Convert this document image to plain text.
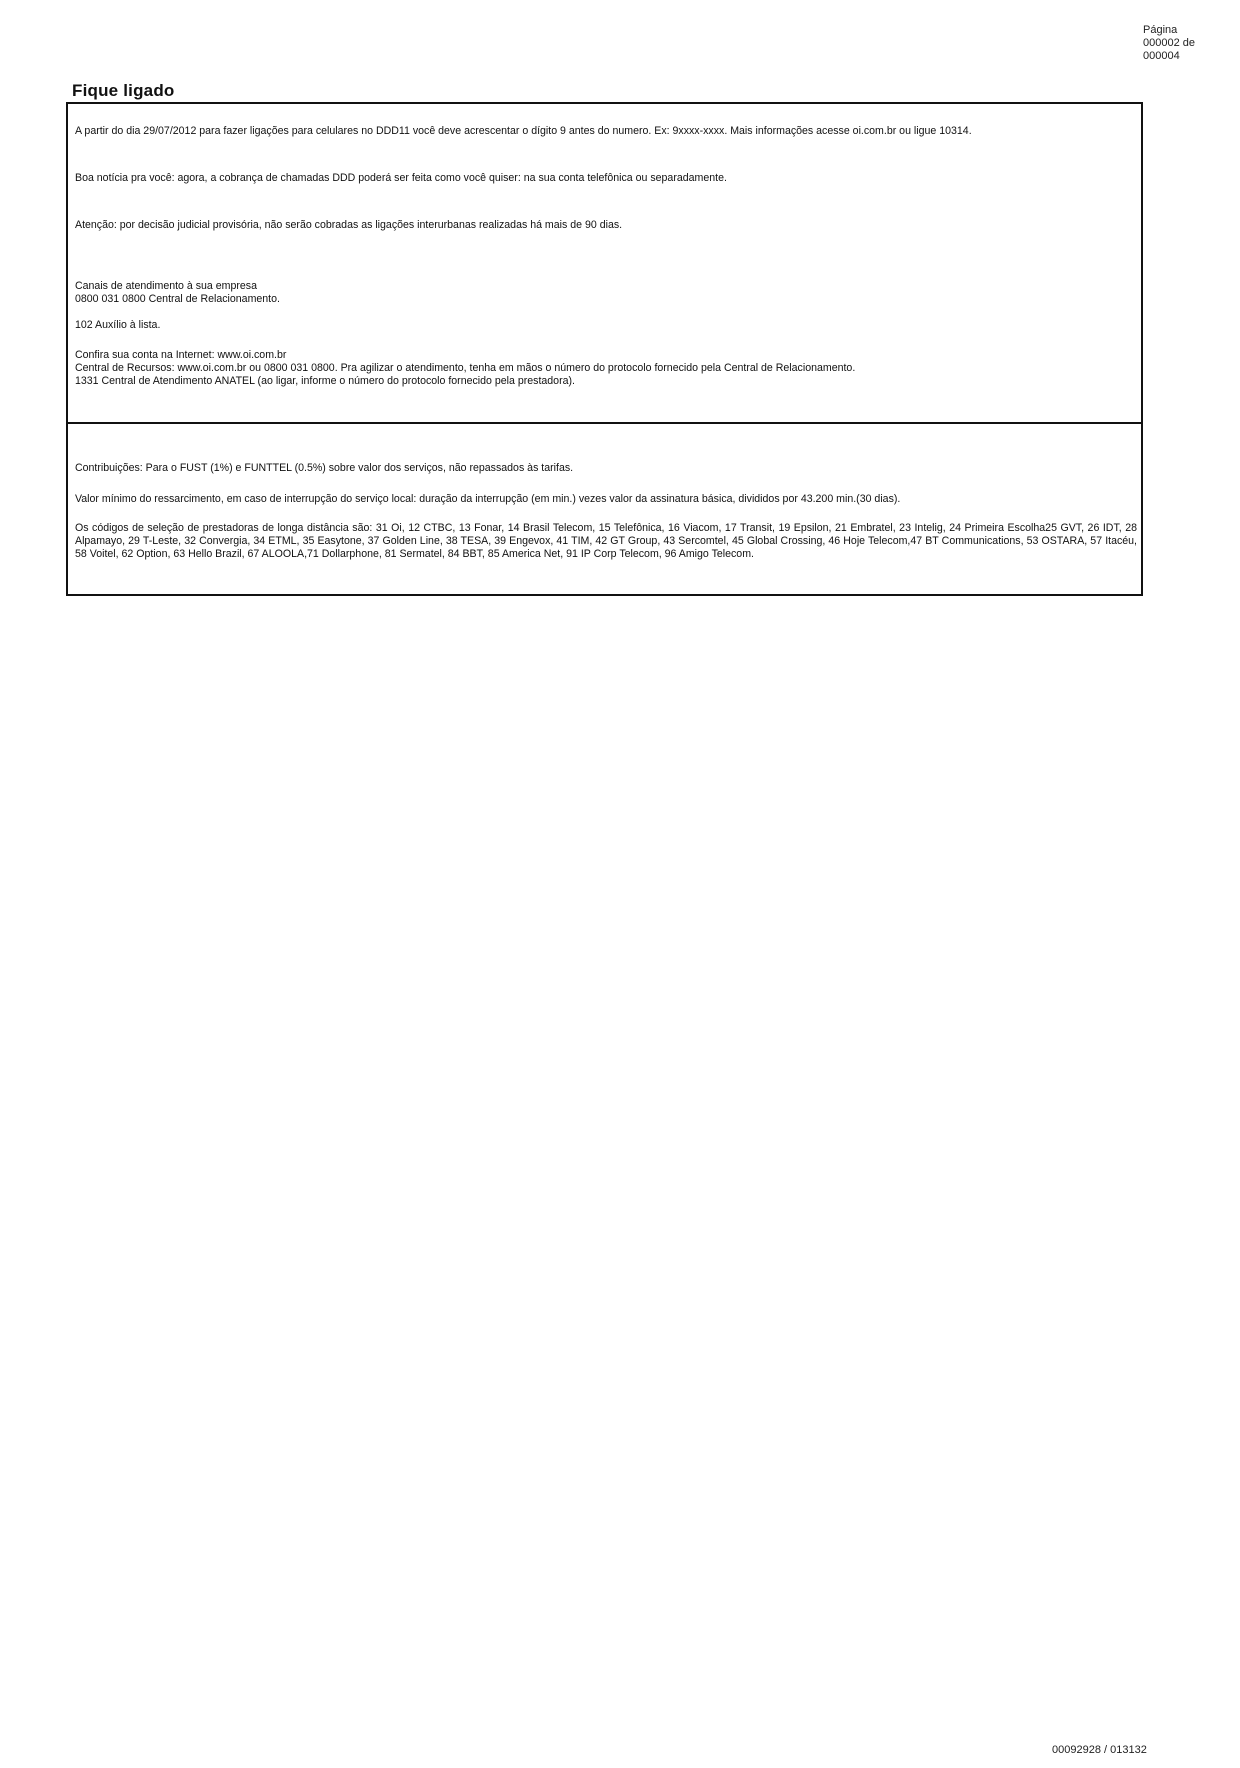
Página
000002 de
000004
Fique ligado
A partir do dia 29/07/2012 para fazer ligações para celulares no DDD11 você deve acrescentar o dígito 9 antes do numero. Ex: 9xxxx-xxxx. Mais informações acesse oi.com.br ou ligue 10314.
Boa notícia pra você: agora, a cobrança de chamadas DDD poderá ser feita como você quiser: na sua conta telefônica ou separadamente.
Atenção: por decisão judicial provisória, não serão cobradas as ligações interurbanas realizadas há mais de 90 dias.
Canais de atendimento à sua empresa
0800 031 0800 Central de Relacionamento.
102 Auxílio à lista.
Confira sua conta na Internet: www.oi.com.br
Central de Recursos: www.oi.com.br ou 0800 031 0800. Pra agilizar o atendimento, tenha em mãos o número do protocolo fornecido pela Central de Relacionamento.
1331 Central de Atendimento ANATEL (ao ligar, informe o número do protocolo fornecido pela prestadora).
Contribuições: Para o FUST (1%) e FUNTTEL (0.5%) sobre valor dos serviços, não repassados às tarifas.
Valor mínimo do ressarcimento, em caso de interrupção do serviço local: duração da interrupção (em min.) vezes valor da assinatura básica, divididos por 43.200 min.(30 dias).
Os códigos de seleção de prestadoras de longa distância são: 31 Oi, 12 CTBC, 13 Fonar, 14 Brasil Telecom, 15 Telefônica, 16 Viacom, 17 Transit, 19 Epsilon, 21 Embratel, 23 Intelig, 24 Primeira Escolha25 GVT, 26 IDT, 28 Alpamayo, 29 T-Leste, 32 Convergia, 34 ETML, 35 Easytone, 37 Golden Line, 38 TESA, 39 Engevox, 41 TIM, 42 GT Group, 43 Sercomtel, 45 Global Crossing, 46 Hoje Telecom,47 BT Communications, 53 OSTARA, 57 Itacéu, 58 Voitel, 62 Option, 63 Hello Brazil, 67 ALOOLA,71 Dollarphone, 81 Sermatel, 84 BBT, 85 America Net, 91 IP Corp Telecom, 96 Amigo Telecom.
00092928 / 013132
